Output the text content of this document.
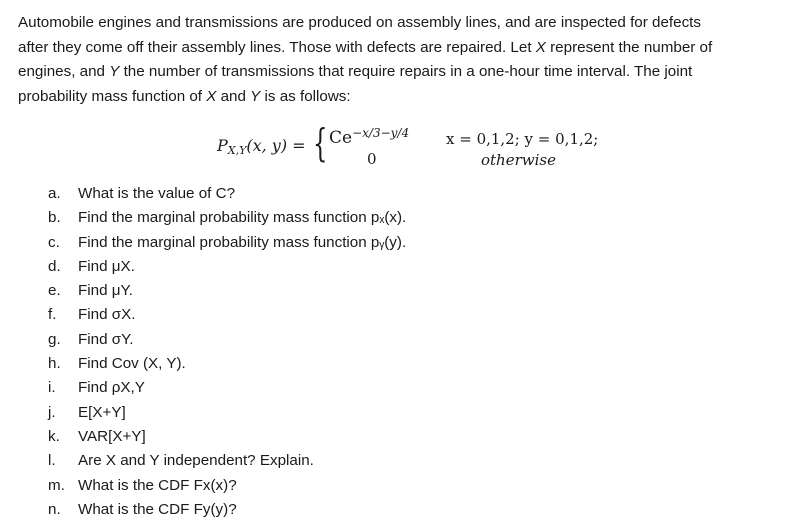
Automobile engines and transmissions are produced on assembly lines, and are inspected for defects

after they come off their assembly lines. Those with defects are repaired. Let X represent the number of

engines, and Y the number of transmissions that require repairs in a one-hour time interval. The joint

probability mass function of X and Y is as follows:

$P_{X,Y}(x$, y) = { $Ce^{-x/3-y/4}$
0
x = 0,1,2; y = 0,1,2;
otherwise
a. What is the value of C?
b. Find the marginal probability mass function pₓ(x).
c. Find the marginal probability mass function pᵧ(y).
d. Find μX.
e. Find μY.
f. Find σX.
g. Find σY.
h. Find Cov (X, Y).
i. Find ρX,Y
j. E[X+Y]
k. VAR[X+Y]
l. Are X and Y independent? Explain.
m. What is the CDF Fx(x)?
n. What is the CDF Fy(y)?
